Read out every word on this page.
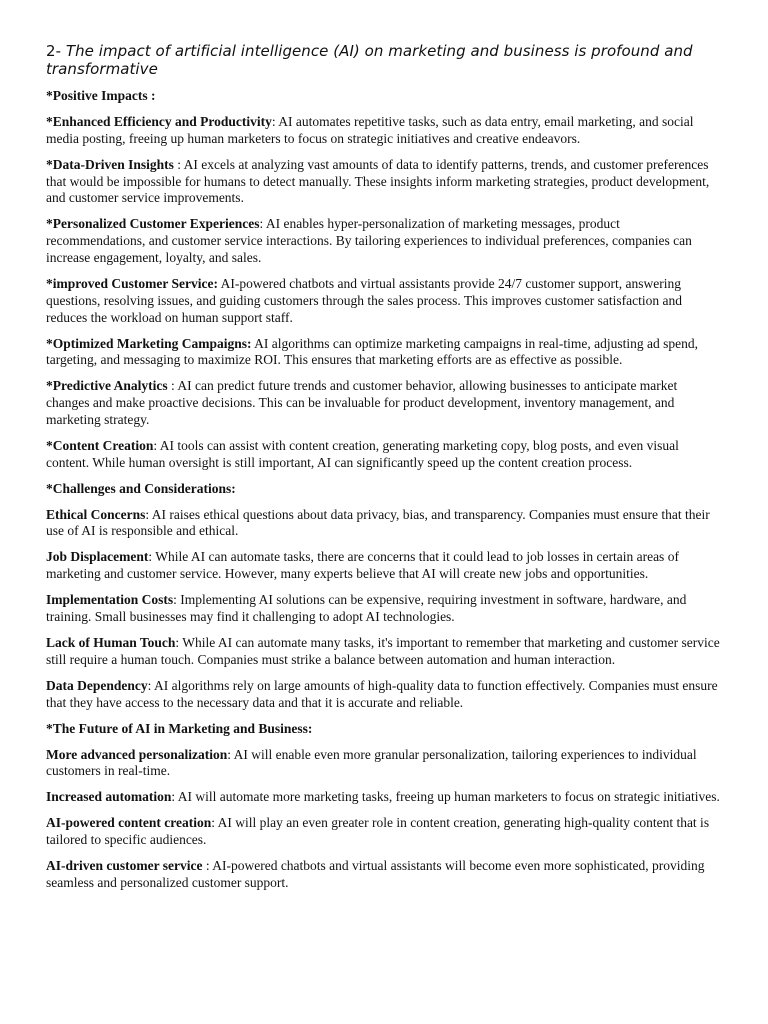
2- The impact of artificial intelligence (AI) on marketing and business is profound and transformative
*Positive Impacts :
*Enhanced Efficiency and Productivity: AI automates repetitive tasks, such as data entry, email marketing, and social media posting, freeing up human marketers to focus on strategic initiatives and creative endeavors.
*Data-Driven Insights : AI excels at analyzing vast amounts of data to identify patterns, trends, and customer preferences that would be impossible for humans to detect manually. These insights inform marketing strategies, product development, and customer service improvements.
*Personalized Customer Experiences: AI enables hyper-personalization of marketing messages, product recommendations, and customer service interactions. By tailoring experiences to individual preferences, companies can increase engagement, loyalty, and sales.
*improved Customer Service: AI-powered chatbots and virtual assistants provide 24/7 customer support, answering questions, resolving issues, and guiding customers through the sales process. This improves customer satisfaction and reduces the workload on human support staff.
*Optimized Marketing Campaigns: AI algorithms can optimize marketing campaigns in real-time, adjusting ad spend, targeting, and messaging to maximize ROI. This ensures that marketing efforts are as effective as possible.
*Predictive Analytics : AI can predict future trends and customer behavior, allowing businesses to anticipate market changes and make proactive decisions. This can be invaluable for product development, inventory management, and marketing strategy.
*Content Creation: AI tools can assist with content creation, generating marketing copy, blog posts, and even visual content. While human oversight is still important, AI can significantly speed up the content creation process.
*Challenges and Considerations:
Ethical Concerns: AI raises ethical questions about data privacy, bias, and transparency. Companies must ensure that their use of AI is responsible and ethical.
Job Displacement: While AI can automate tasks, there are concerns that it could lead to job losses in certain areas of marketing and customer service. However, many experts believe that AI will create new jobs and opportunities.
Implementation Costs: Implementing AI solutions can be expensive, requiring investment in software, hardware, and training. Small businesses may find it challenging to adopt AI technologies.
Lack of Human Touch: While AI can automate many tasks, it's important to remember that marketing and customer service still require a human touch. Companies must strike a balance between automation and human interaction.
Data Dependency: AI algorithms rely on large amounts of high-quality data to function effectively. Companies must ensure that they have access to the necessary data and that it is accurate and reliable.
*The Future of AI in Marketing and Business:
More advanced personalization: AI will enable even more granular personalization, tailoring experiences to individual customers in real-time.
Increased automation: AI will automate more marketing tasks, freeing up human marketers to focus on strategic initiatives.
AI-powered content creation: AI will play an even greater role in content creation, generating high-quality content that is tailored to specific audiences.
AI-driven customer service : AI-powered chatbots and virtual assistants will become even more sophisticated, providing seamless and personalized customer support.
